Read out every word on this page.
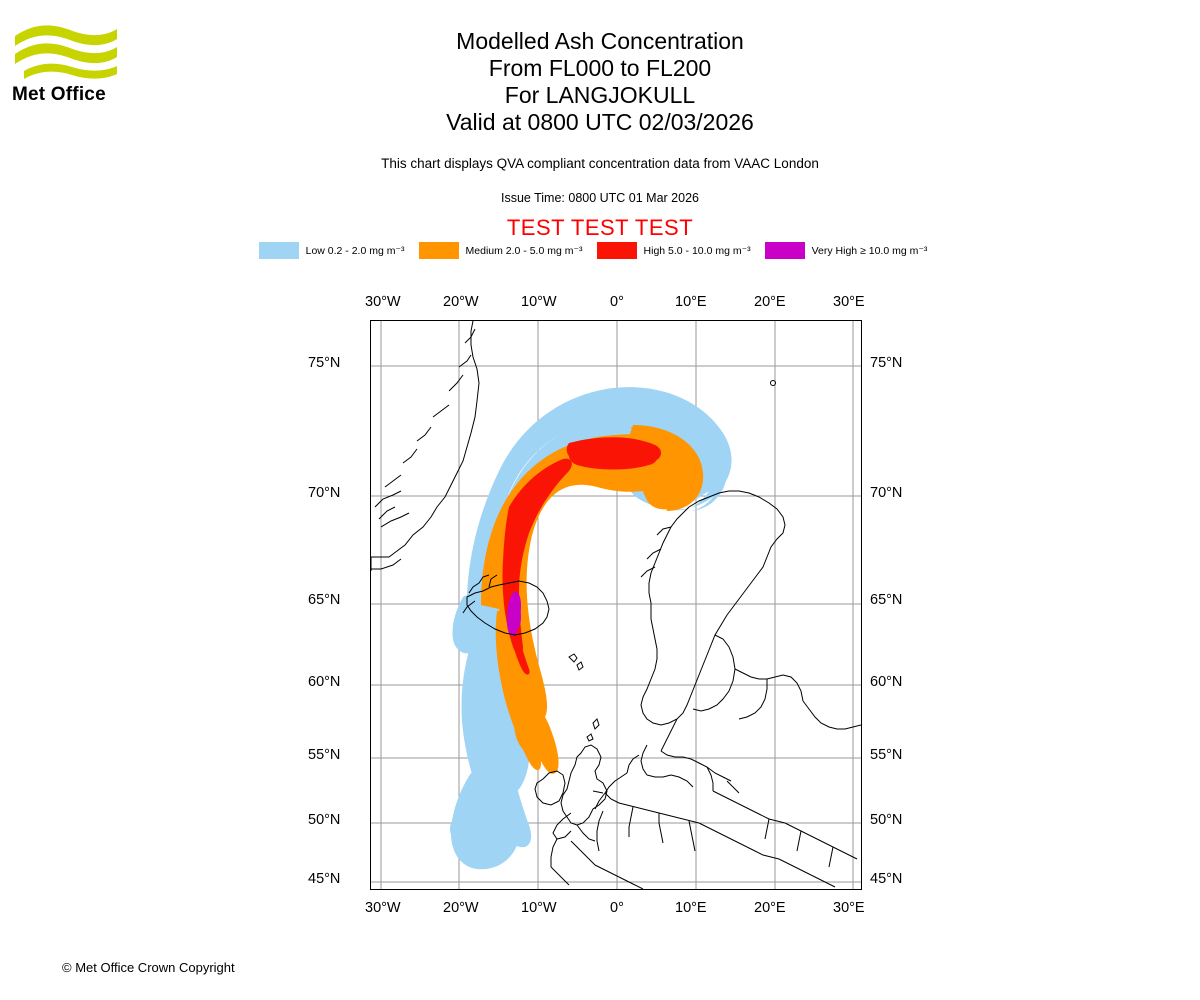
Met Office
Modelled Ash Concentration
From FL000 to FL200
For LANGJOKULL
Valid at 0800 UTC 02/03/2026
This chart displays QVA compliant concentration data from VAAC London
Issue Time: 0800 UTC 01 Mar 2026
TEST TEST TEST
Low 0.2 - 2.0 mg m⁻³	Medium 2.0 - 5.0 mg m⁻³	High 5.0 - 10.0 mg m⁻³	Very High ≥ 10.0 mg m⁻³
30°W	20°W	10°W	0°	10°E	20°E	30°E
30°W	20°W	10°W	0°	10°E	20°E	30°E
75°N
70°N
65°N
60°N
55°N
50°N
45°N
75°N
70°N
65°N
60°N
55°N
50°N
45°N
© Met Office Crown Copyright
